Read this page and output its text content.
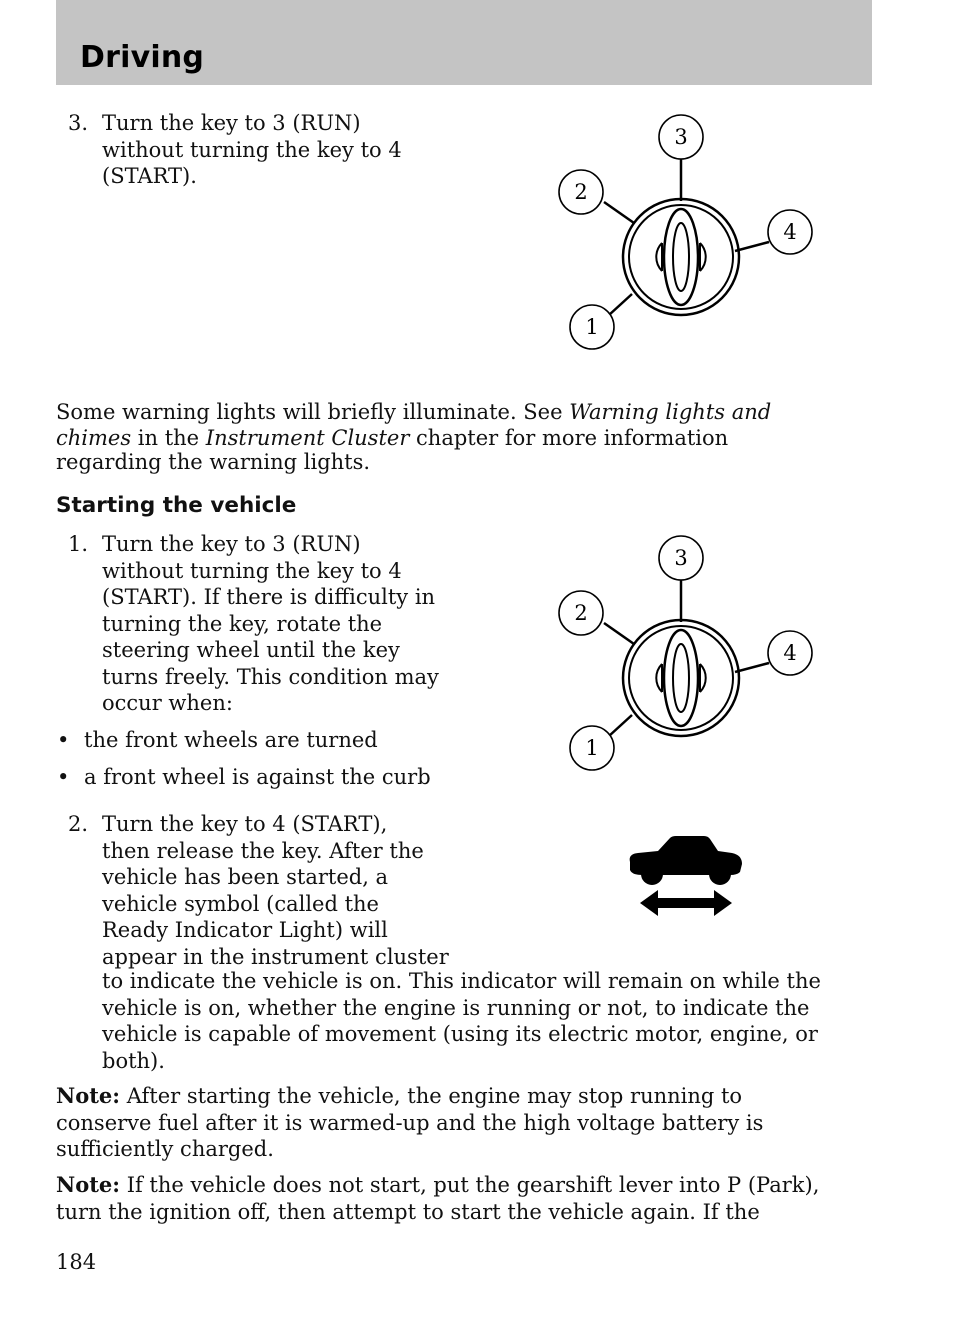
Driving
3. Turn the key to 3 (RUN)
without turning the key to 4
(START).
3
2
4
1
Some warning lights will briefly illuminate. See Warning lights and
chimes in the Instrument Cluster chapter for more information
regarding the warning lights.
Starting the vehicle
1. Turn the key to 3 (RUN)
without turning the key to 4
(START). If there is difficulty in
turning the key, rotate the
steering wheel until the key
turns freely. This condition may
occur when:
• the front wheels are turned
• a front wheel is against the curb
3
2
4
1
2. Turn the key to 4 (START),
then release the key. After the
vehicle has been started, a
vehicle symbol (called the
Ready Indicator Light) will
appear in the instrument cluster
to indicate the vehicle is on. This indicator will remain on while the
vehicle is on, whether the engine is running or not, to indicate the
vehicle is capable of movement (using its electric motor, engine, or
both).
Note: After starting the vehicle, the engine may stop running to
conserve fuel after it is warmed-up and the high voltage battery is
sufficiently charged.
Note: If the vehicle does not start, put the gearshift lever into P (Park),
turn the ignition off, then attempt to start the vehicle again. If the
184
